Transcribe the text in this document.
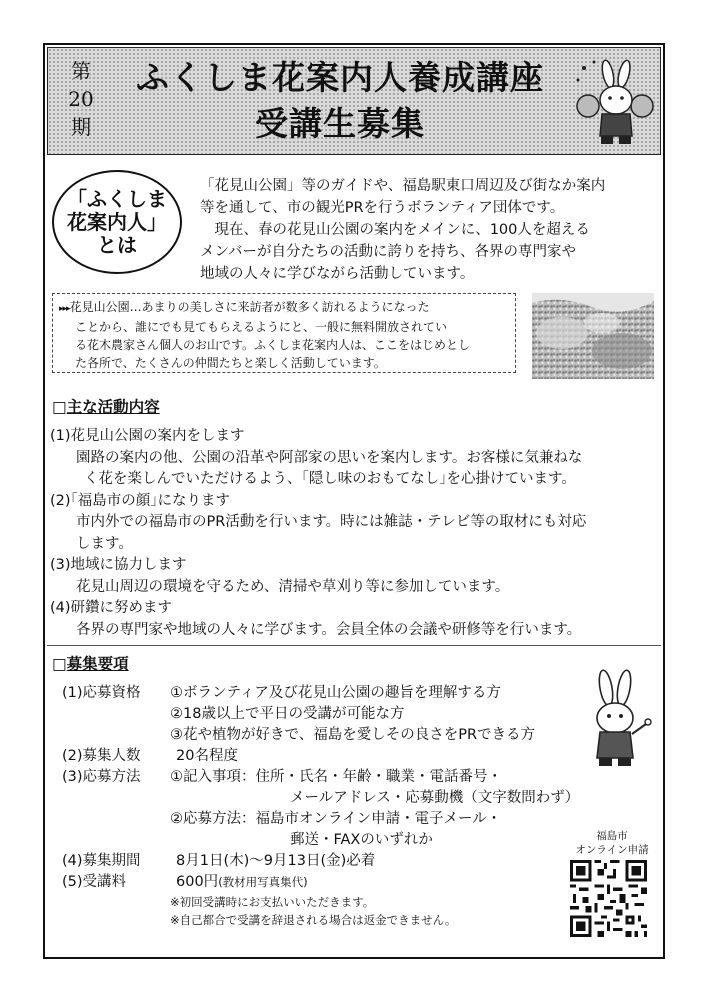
第
20
期
ふくしま花案内人養成講座
受講生募集
「ふくしま
花案内人」
とは

「花見山公園」等のガイドや、福島駅東口周辺及び街なか案内

等を通して、市の観光PRを行うボランティア団体です。

　現在、春の花見山公園の案内をメインに、100人を超える

メンバーが自分たちの活動に誇りを持ち、各界の専門家や

地域の人々に学びながら活動しています。

▸▸▸花見山公園…あまりの美しさに来訪者が数多く訪れるようになった

ことから、誰にでも見てもらえるようにと、一般に無料開放されてい

る花木農家さん個人のお山です。ふくしま花案内人は、ここをはじめとし

た各所で、たくさんの仲間たちと楽しく活動しています。

□主な活動内容

(1)花見山公園の案内をします

園路の案内の他、公園の沿革や阿部家の思いを案内します。お客様に気兼ねな

く花を楽しんでいただけるよう、｢隠し味のおもてなし｣を心掛けています。

(2)｢福島市の顔｣になります

市内外での福島市のPR活動を行います。時には雑誌・テレビ等の取材にも対応

します。

(3)地域に協力します

花見山周辺の環境を守るため、清掃や草刈り等に参加しています。

(4)研鑽に努めます

各界の専門家や地域の人々に学びます。会員全体の会議や研修等を行います。

□募集要項
(1)応募資格	①ボランティア及び花見山公園の趣旨を理解する方
②18歳以上で平日の受講が可能な方
③花や植物が好きで、福島を愛しその良さをPRできる方
(2)募集人数	20名程度
(3)応募方法	①記入事項：住所・氏名・年齢・職業・電話番号・
メールアドレス・応募動機（文字数問わず）
②応募方法：福島市オンライン申請・電子メール・
郵送・FAXのいずれか
(4)募集期間	8月1日(木)～9月13日(金)必着
(5)受講料	600円(教材用写真集代)
※初回受講時にお支払いいただきます。
※自己都合で受講を辞退される場合は返金できません。
福島市
オンライン申請
